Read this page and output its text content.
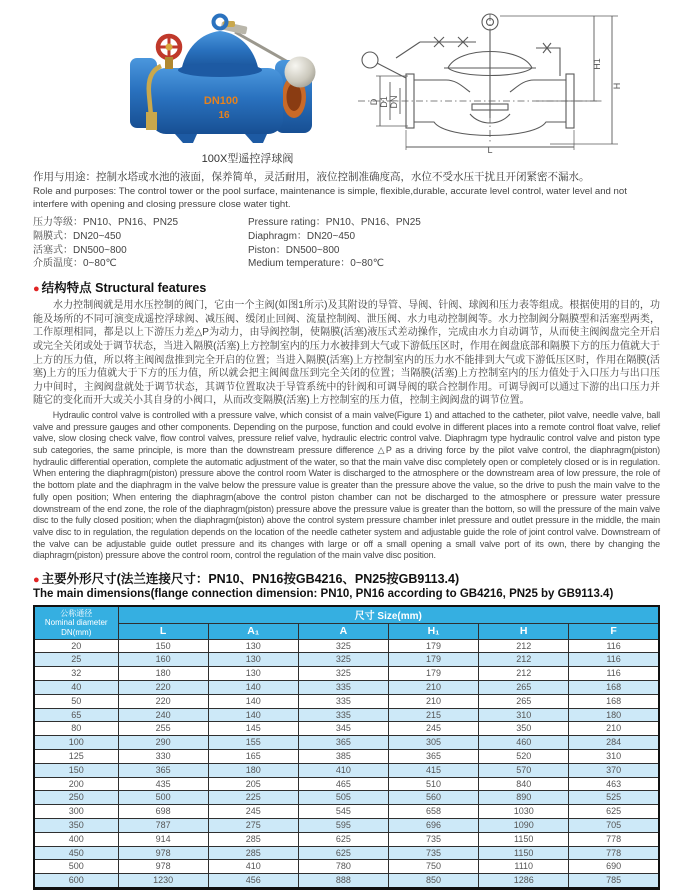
DN100
16
H1
H
D D1 DN
L
100X型遥控浮球阀

作用与用途：控制水塔或水池的液面，保养简单，灵活耐用，液位控制准确度高，水位不受水压干扰且开闭紧密不漏水。

Role and purposes: The control tower or the pool surface, maintenance is simple, flexible,durable, accurate level control, water level and not interfere with opening and closing pressure close water tight.

压力等级：PN10、PN16、PN25	Pressure rating：PN10、PN16、PN25
隔膜式：DN20~450	Diaphragm：DN20~450
活塞式：DN500~800	Piston：DN500~800
介质温度：0~80℃	Medium temperature：0~80℃
● 结构特点 Structural features

水力控制阀就是用水压控制的阀门，它由一个主阀(如图1所示)及其附设的导管、导阀、针阀、球阀和压力表等组成。根据使用的目的，功能及场所的不同可演变成遥控浮球阀、减压阀、缓闭止回阀、流量控制阀、泄压阀、水力电动控制阀等。水力控制阀分隔膜型和活塞型两类，工作原理相同，都是以上下游压力差△P为动力，由导阀控制，使隔膜(活塞)液压式差动操作，完成由水力自动调节，从而使主阀阀盘完全开启或完全关闭或处于调节状态，当进入隔膜(活塞)上方控制室内的压力水被排到大气或下游低压区时，作用在阀盘底部和隔膜下方的压力值就大于上方的压力值，所以将主阀阀盘推到完全开启的位置；当进入隔膜(活塞)上方控制室内的压力水不能排到大气或下游低压区时，作用在隔膜(活塞)上方的压力值就大于下方的压力值，所以就会把主阀阀盘压到完全关闭的位置；当隔膜(活塞)上方控制室内的压力值处于入口压力与出口压力中间时，主阀阀盘就处于调节状态，其调节位置取决于导管系统中的针阀和可调导阀的联合控制作用。可调导阀可以通过下游的出口压力并随它的变化而开大或关小其自身的小阀口，从而改变隔膜(活塞)上方控制室的压力值，控制主阀阀盘的调节位置。

Hydraulic control valve is controlled with a pressure valve, which consist of a main valve(Figure 1) and attached to the catheter, pilot valve, needle valve, ball valve and pressure gauges and other components. Depending on the purpose, function and could evolve in different places into a remote control float valve, relief valve, slow closing check valve, flow control valves, pressure relief valve, hydraulic electric control valve. Diaphragm type hydraulic control valve and piston type sub categories, the same principle, is more than the downstream pressure difference △P as a driving force by the pilot valve control, the diaphragm(piston) hydraulic differential operation, complete the automatic adjustment of the water, so that the main valve disc completely open or completely closed or is in regulation. When entering the diaphragm(piston) pressure above the control room Water is discharged to the atmosphere or the downstream area of low pressure, the role of the bottom plate and the diaphragm in the valve below the pressure value is greater than the pressure above the value, so the drive to push the main valve to the fully open position; When entering the diaphragm(above the control piston chamber can not be discharged to the atmosphere or pressure water pressure downstream of the end zone, the role of the diaphragm(piston) pressure above the pressure value is greater than the bottom, so will the pressure of the main valve disc to the fully closed position; when the diaphragm(piston) above the control system pressure chamber inlet pressure and outlet pressure in the middle, the main valve disc to in regulation, the regulation depends on the location of the needle catheter system and adjustable guide the role of joint control valve. Downstream of the valve can be adjustable guide outlet pressure and its changes with large or off a small opening a small valve port of its own, there by changing the diaphragm(piston) pressure above the control room, control the regulation of the main valve disc position.

● 主要外形尺寸(法兰连接尺寸：PN10、PN16按GB4216、PN25按GB9113.4)
The main dimensions(flange connection dimension: PN10, PN16 according to GB4216, PN25 by GB9113.4)
公称通径
Nominal diameter
DN(mm)	尺寸 Size(mm)					
	L	A₁	A	H₁	H	F
20	150	130	325	179	212	116
25	160	130	325	179	212	116
32	180	130	325	179	212	116
40	220	140	335	210	265	168
50	220	140	335	210	265	168
65	240	140	335	215	310	180
80	255	145	345	245	350	210
100	290	155	365	305	460	284
125	330	165	385	365	520	310
150	365	180	410	415	570	370
200	435	205	465	510	840	463
250	500	225	505	560	890	525
300	698	245	545	658	1030	625
350	787	275	595	696	1090	705
400	914	285	625	735	1150	778
450	978	285	625	735	1150	778
500	978	410	780	750	1110	690
600	1230	456	888	850	1286	785
